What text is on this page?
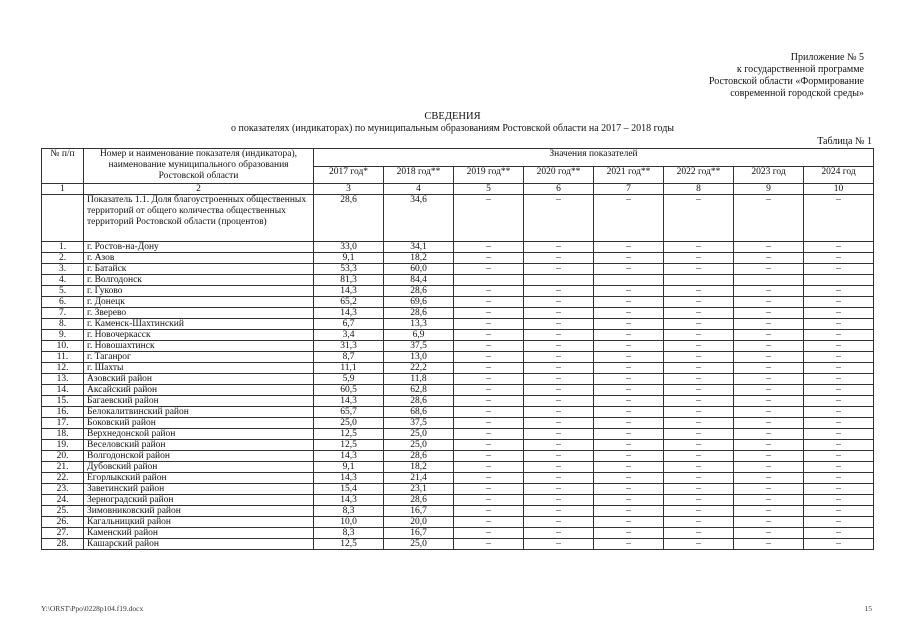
Приложение № 5
к государственной программе
Ростовской области «Формирование
современной городской среды»
СВЕДЕНИЯ
о показателях (индикаторах) по муниципальным образованиям Ростовской области на 2017 – 2018 годы
Таблица № 1
№ п/п	Номер и наименование показателя (индикатора), наименование муниципального образования Ростовской области	Значения показателей							
		2017 год*	2018 год**	2019 год**	2020 год**	2021 год**	2022 год**	2023 год	2024 год
1	2	3	4	5	6	7	8	9	10
	Показатель 1.1. Доля благоустроенных общественных территорий от общего количества общественных территорий Ростовской области (процентов)	28,6	34,6	–	–	–	–	–	–
1.	г. Ростов-на-Дону	33,0	34,1	–	–	–	–	–	–
2.	г. Азов	9,1	18,2	–	–	–	–	–	–
3.	г. Батайск	53,3	60,0	–	–	–	–	–	–
4.	г. Волгодонск	81,3	84,4						
5.	г. Гуково	14,3	28,6	–	–	–	–	–	–
6.	г. Донецк	65,2	69,6	–	–	–	–	–	–
7.	г. Зверево	14,3	28,6	–	–	–	–	–	–
8.	г. Каменск-Шахтинский	6,7	13,3	–	–	–	–	–	–
9.	г. Новочеркасск	3,4	6,9	–	–	–	–	–	–
10.	г. Новошахтинск	31,3	37,5	–	–	–	–	–	–
11.	г. Таганрог	8,7	13,0	–	–	–	–	–	–
12.	г. Шахты	11,1	22,2	–	–	–	–	–	–
13.	Азовский район	5,9	11,8	–	–	–	–	–	–
14.	Аксайский район	60,5	62,8	–	–	–	–	–	–
15.	Багаевский район	14,3	28,6	–	–	–	–	–	–
16.	Белокалитвинский район	65,7	68,6	–	–	–	–	–	–
17.	Боковский район	25,0	37,5	–	–	–	–	–	–
18.	Верхнедонской район	12,5	25,0	–	–	–	–	–	–
19.	Веселовский район	12,5	25,0	–	–	–	–	–	–
20.	Волгодонской район	14,3	28,6	–	–	–	–	–	–
21.	Дубовский район	9,1	18,2	–	–	–	–	–	–
22.	Егорлыкский район	14,3	21,4	–	–	–	–	–	–
23.	Заветинский район	15,4	23,1	–	–	–	–	–	–
24.	Зерноградский район	14,3	28,6	–	–	–	–	–	–
25.	Зимовниковский район	8,3	16,7	–	–	–	–	–	–
26.	Кагальницкий район	10,0	20,0	–	–	–	–	–	–
27.	Каменский район	8,3	16,7	–	–	–	–	–	–
28.	Кашарский район	12,5	25,0	–	–	–	–	–	–
Y:\ORST\Ppo\0228p104.f19.docx	15
